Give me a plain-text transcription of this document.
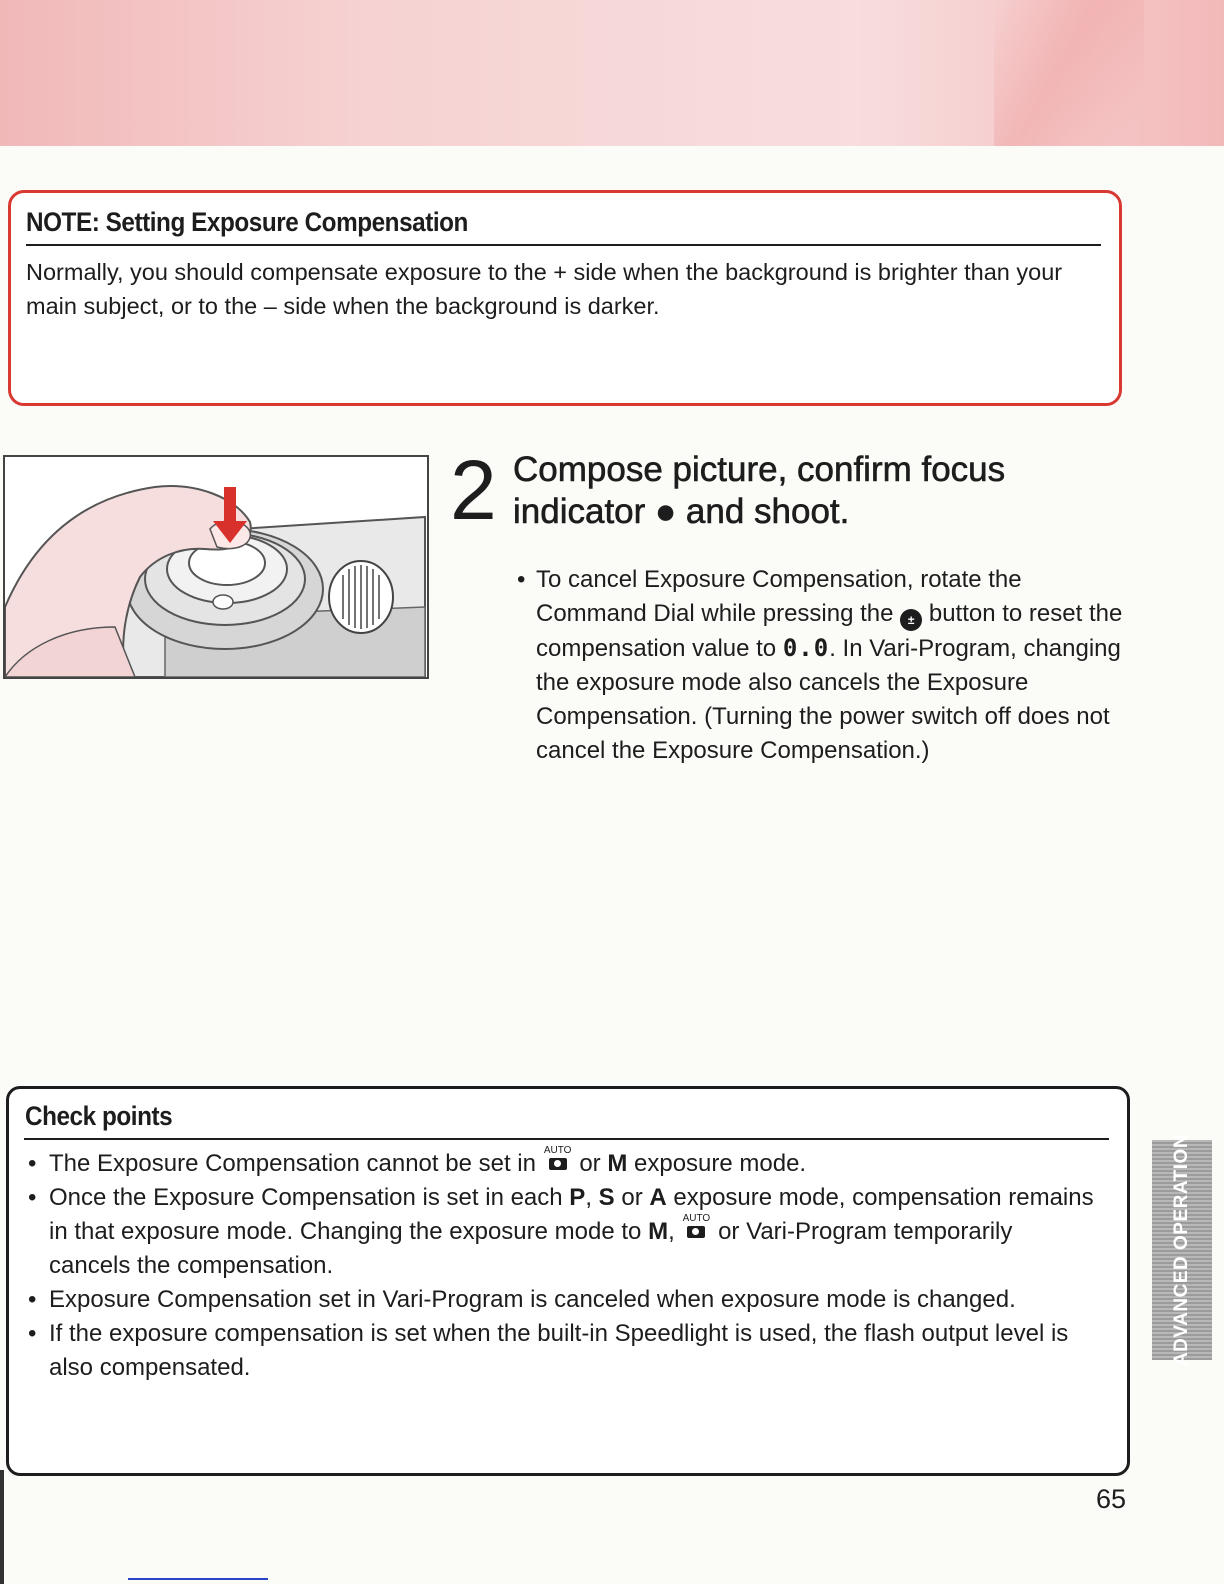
NOTE: Setting Exposure Compensation

Normally, you should compensate exposure to the + side when the background is brighter than your main subject, or to the – side when the background is darker.

2 Compose picture, confirm focus
indicator ● and shoot.
• To cancel Exposure Compensation, rotate the Command Dial while pressing the ± button to reset the compensation value to 0.0. In Vari-Program, changing the exposure mode also cancels the Exposure Compensation. (Turning the power switch off does not cancel the Exposure Compensation.)
Check points
• The Exposure Compensation cannot be set in AUTO or M exposure mode.
• Once the Exposure Compensation is set in each P, S or A exposure mode, compensation remains in that exposure mode. Changing the exposure mode to M, AUTO or Vari-Program temporarily cancels the compensation.
• Exposure Compensation set in Vari-Program is canceled when exposure mode is changed.
• If the exposure compensation is set when the built-in Speedlight is used, the flash output level is also compensated.
ADVANCED OPERATION
65
